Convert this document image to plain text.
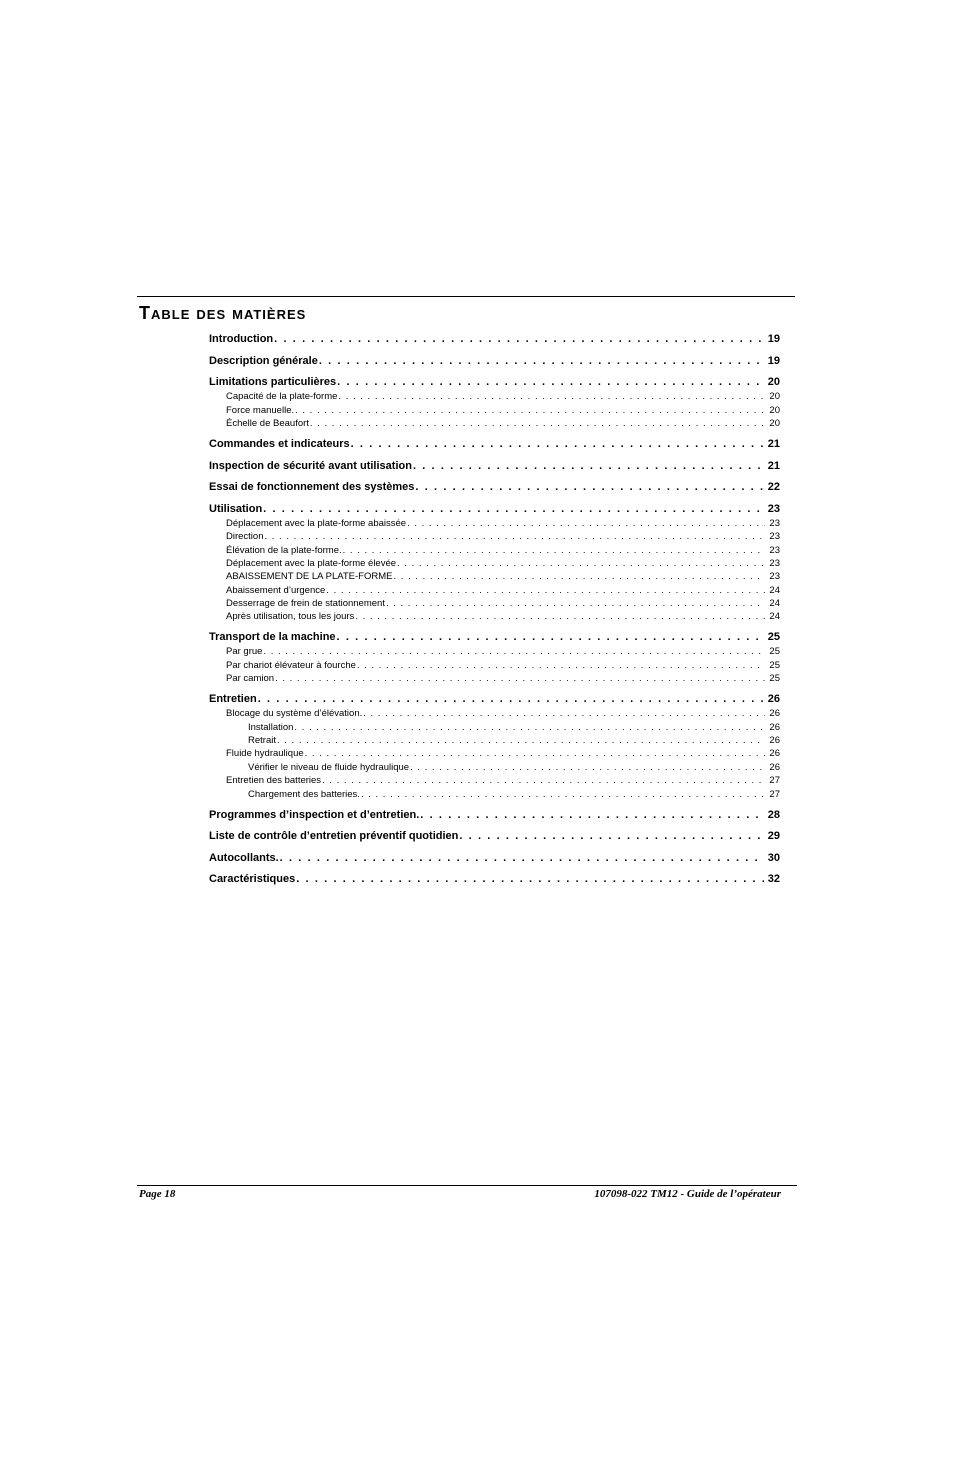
Table des matières
Introduction . . .	19
Description générale . . .	19
Limitations particulières . . .	20
Capacité de la plate-forme . . .	20
Force manuelle. . . .	20
Échelle de Beaufort . . .	20
Commandes et indicateurs . . .	21
Inspection de sécurité avant utilisation . . .	21
Essai de fonctionnement des systèmes . . .	22
Utilisation . . .	23
Déplacement avec la plate-forme abaissée . . .	23
Direction . . .	23
Élévation de la plate-forme. . . .	23
Déplacement avec la plate-forme élevée . . .	23
ABAISSEMENT DE LA PLATE-FORME . . .	23
Abaissement d’urgence . . .	24
Desserrage de frein de stationnement . . .	24
Après utilisation, tous les jours . . .	24
Transport de la machine . . .	25
Par grue . . .	25
Par chariot élévateur à fourche . . .	25
Par camion . . .	25
Entretien . . .	26
Blocage du système d’élévation. . . .	26
Installation . . .	26
Retrait . . .	26
Fluide hydraulique . . .	26
Vérifier le niveau de fluide hydraulique . . .	26
Entretien des batteries . . .	27
Chargement des batteries. . . .	27
Programmes d’inspection et d’entretien. . . .	28
Liste de contrôle d’entretien préventif quotidien . . .	29
Autocollants. . . .	30
Caractéristiques . . .	32
Page 18	107098-022 TM12 - Guide de l’opérateur
